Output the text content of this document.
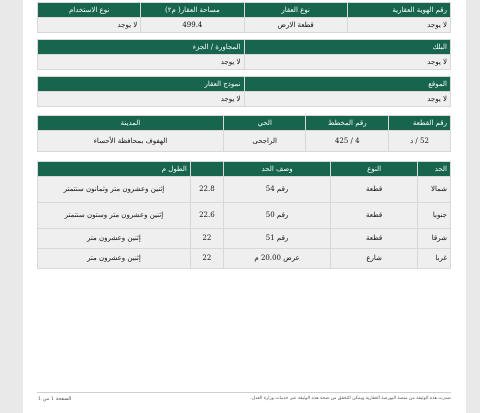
رقم الهوية العقارية	نوع العقار	مساحة العقار( م٢)	نوع الاستخدام
لا يوجد	قطعة الارض	499.4	لا يوجد
البلك	المجاورة / الجزء
لا يوجد	لا يوجد
الموقع	نموذج العقار
لا يوجد	لا يوجد
رقم القطعة	رقم المخطط	الحي	المدينة
52 / د	425 / 4	الراجحى	الهفوف بمحافظة الأحساء
الحد	النوع	وصف الحد		الطول م
شمالا	قطعة	رقم 54	22.8	إثنين وعشرون متر وثمانون سنتمتر
جنوبا	قطعة	رقم 50	22.6	إثنين وعشرون متر وستون سنتمتر
شرقا	قطعة	رقم 51	22	إثنين وعشرون متر
غربا	شارع	عرض 20.00 م	22	إثنين وعشرون متر
صدرت هذه الوثيقة من منصة البورصة العقارية ويمكن التحقق من صحة هذه الوثيقة عبر خدمات وزارة العدل.
الصفحة 1 من 1
